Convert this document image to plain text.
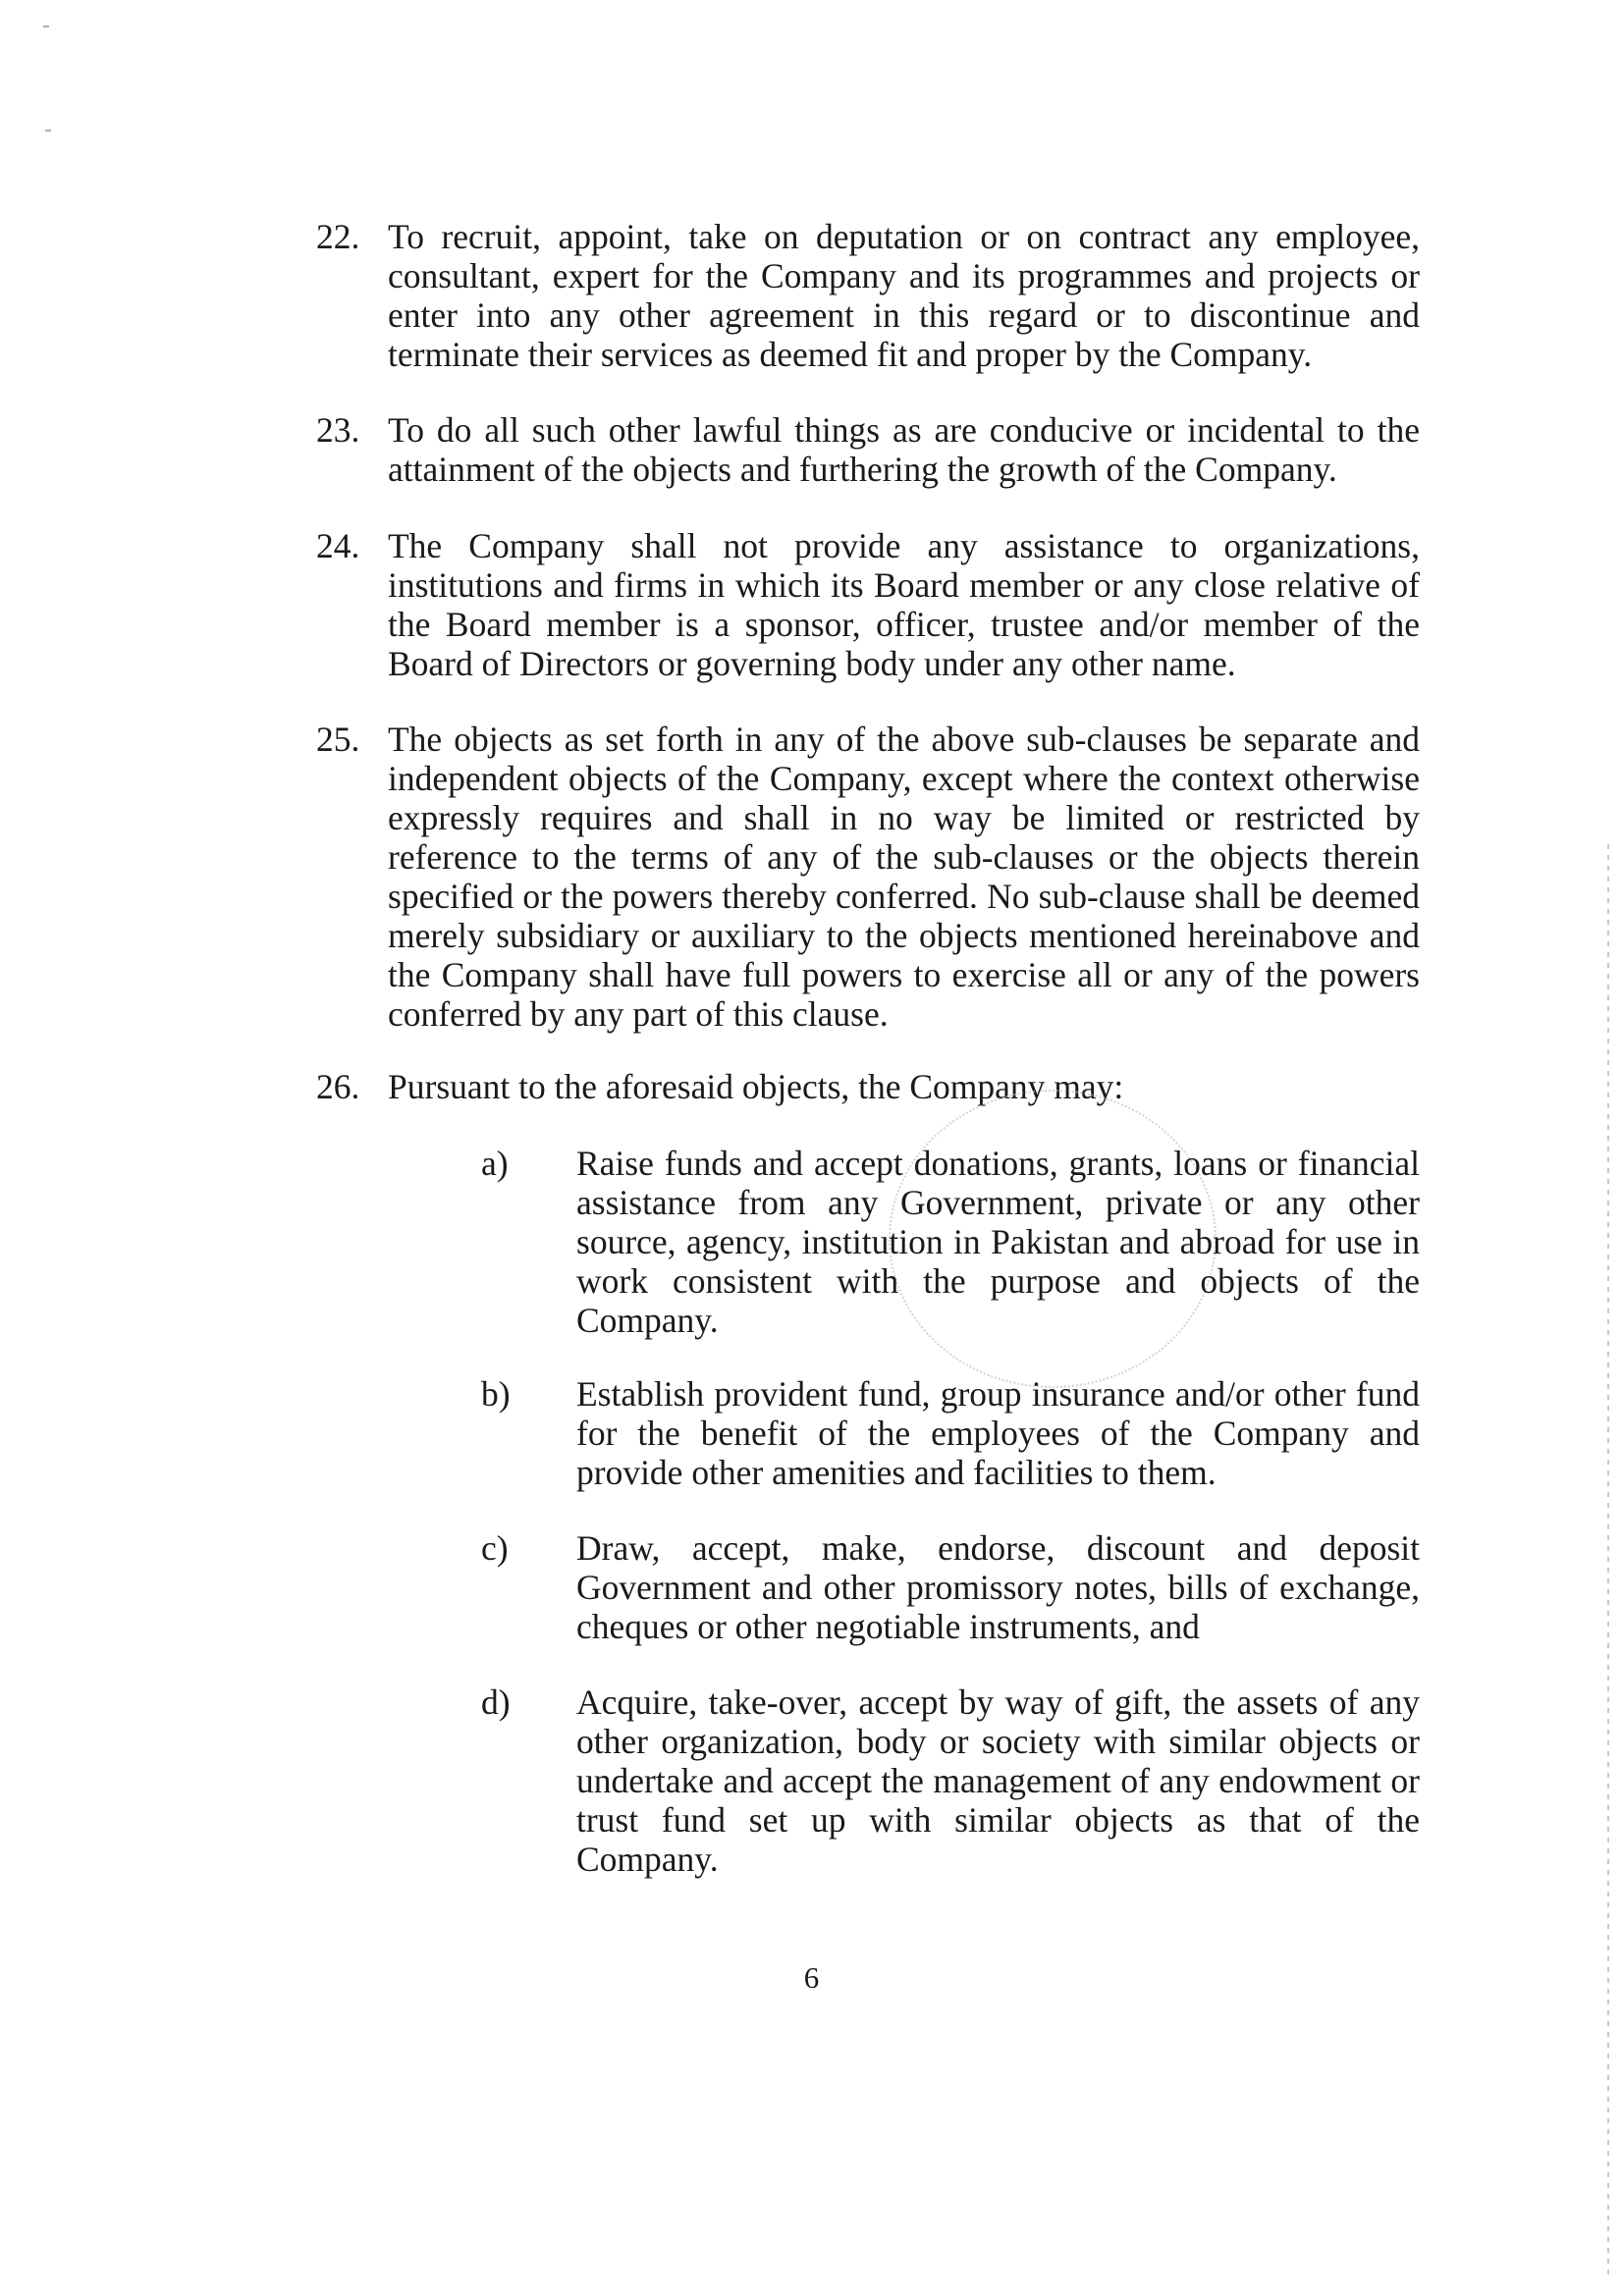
22. To recruit, appoint, take on deputation or on contract any employee, consultant, expert for the Company and its programmes and projects or enter into any other agreement in this regard or to discontinue and terminate their services as deemed fit and proper by the Company.
23. To do all such other lawful things as are conducive or incidental to the attainment of the objects and furthering the growth of the Company.
24. The Company shall not provide any assistance to organizations, institutions and firms in which its Board member or any close relative of the Board member is a sponsor, officer, trustee and/or member of the Board of Directors or governing body under any other name.
25. The objects as set forth in any of the above sub-clauses be separate and independent objects of the Company, except where the context otherwise expressly requires and shall in no way be limited or restricted by reference to the terms of any of the sub-clauses or the objects therein specified or the powers thereby conferred. No sub-clause shall be deemed merely subsidiary or auxiliary to the objects mentioned hereinabove and the Company shall have full powers to exercise all or any of the powers conferred by any part of this clause.
26. Pursuant to the aforesaid objects, the Company may:
a)	Raise funds and accept donations, grants, loans or financial assistance from any Government, private or any other source, agency, institution in Pakistan and abroad for use in work consistent with the purpose and objects of the Company.
b)	Establish provident fund, group insurance and/or other fund for the benefit of the employees of the Company and provide other amenities and facilities to them.
c)	Draw, accept, make, endorse, discount and deposit Government and other promissory notes, bills of exchange, cheques or other negotiable instruments, and
d)	Acquire, take-over, accept by way of gift, the assets of any other organization, body or society with similar objects or undertake and accept the management of any endowment or trust fund set up with similar objects as that of the Company.
6
